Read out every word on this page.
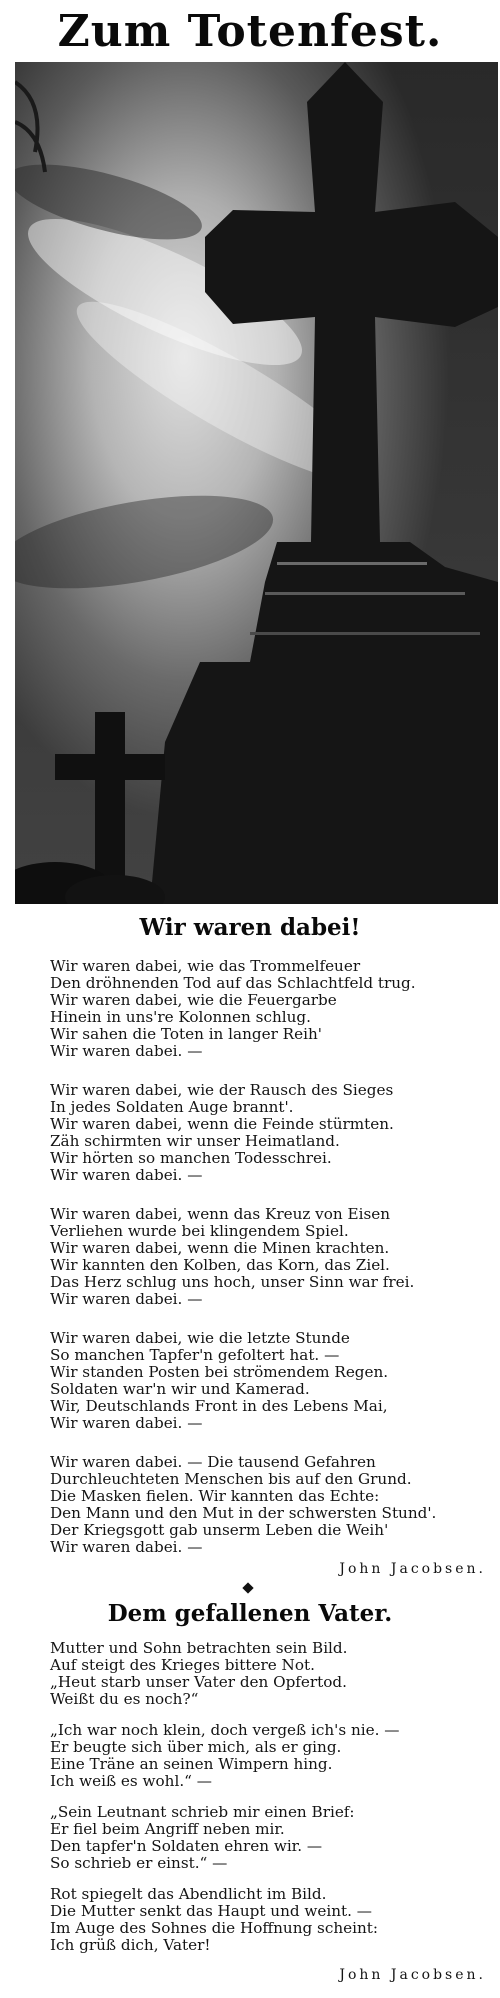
Zum Totenfest.
Wir waren dabei!
Wir waren dabei, wie das Trommelfeuer
Den dröhnenden Tod auf das Schlachtfeld trug.
Wir waren dabei, wie die Feuergarbe
Hinein in uns're Kolonnen schlug.
Wir sahen die Toten in langer Reih'
Wir waren dabei. —
Wir waren dabei, wie der Rausch des Sieges
In jedes Soldaten Auge brannt'.
Wir waren dabei, wenn die Feinde stürmten.
Zäh schirmten wir unser Heimatland.
Wir hörten so manchen Todesschrei.
Wir waren dabei. —
Wir waren dabei, wenn das Kreuz von Eisen
Verliehen wurde bei klingendem Spiel.
Wir waren dabei, wenn die Minen krachten.
Wir kannten den Kolben, das Korn, das Ziel.
Das Herz schlug uns hoch, unser Sinn war frei.
Wir waren dabei. —
Wir waren dabei, wie die letzte Stunde
So manchen Tapfer'n gefoltert hat. —
Wir standen Posten bei strömendem Regen.
Soldaten war'n wir und Kamerad.
Wir, Deutschlands Front in des Lebens Mai,
Wir waren dabei. —
Wir waren dabei. — Die tausend Gefahren
Durchleuchteten Menschen bis auf den Grund.
Die Masken fielen. Wir kannten das Echte:
Den Mann und den Mut in der schwersten Stund'.
Der Kriegsgott gab unserm Leben die Weih'
Wir waren dabei. —
John Jacobsen.
Dem gefallenen Vater.
Mutter und Sohn betrachten sein Bild.
Auf steigt des Krieges bittere Not.
„Heut starb unser Vater den Opfertod.
Weißt du es noch?“
„Ich war noch klein, doch vergeß ich's nie. —
Er beugte sich über mich, als er ging.
Eine Träne an seinen Wimpern hing.
Ich weiß es wohl.“ —
„Sein Leutnant schrieb mir einen Brief:
Er fiel beim Angriff neben mir.
Den tapfer'n Soldaten ehren wir. —
So schrieb er einst.“ —
Rot spiegelt das Abendlicht im Bild.
Die Mutter senkt das Haupt und weint. —
Im Auge des Sohnes die Hoffnung scheint:
Ich grüß dich, Vater!
John Jacobsen.
